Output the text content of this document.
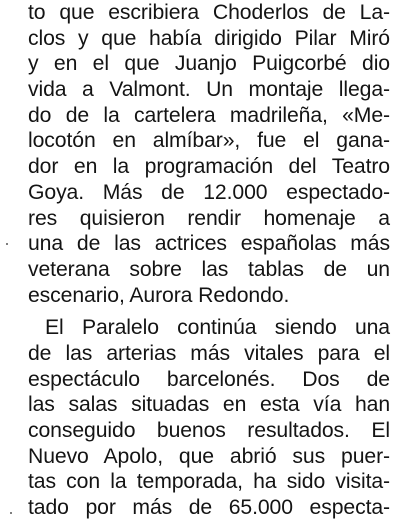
to que escribiera Choderlos de La-
clos y que había dirigido Pilar Miró
y en el que Juanjo Puigcorbé dio
vida a Valmont. Un montaje llega-
do de la cartelera madrileña, «Me-
locotón en almíbar», fue el gana-
dor en la programación del Teatro
Goya. Más de 12.000 espectado-
res quisieron rendir homenaje a
una de las actrices españolas más
veterana sobre las tablas de un
escenario, Aurora Redondo.
El Paralelo continúa siendo una
de las arterias más vitales para el
espectáculo barcelonés. Dos de
las salas situadas en esta vía han
conseguido buenos resultados. El
Nuevo Apolo, que abrió sus puer-
tas con la temporada, ha sido visita-
tado por más de 65.000 especta-
